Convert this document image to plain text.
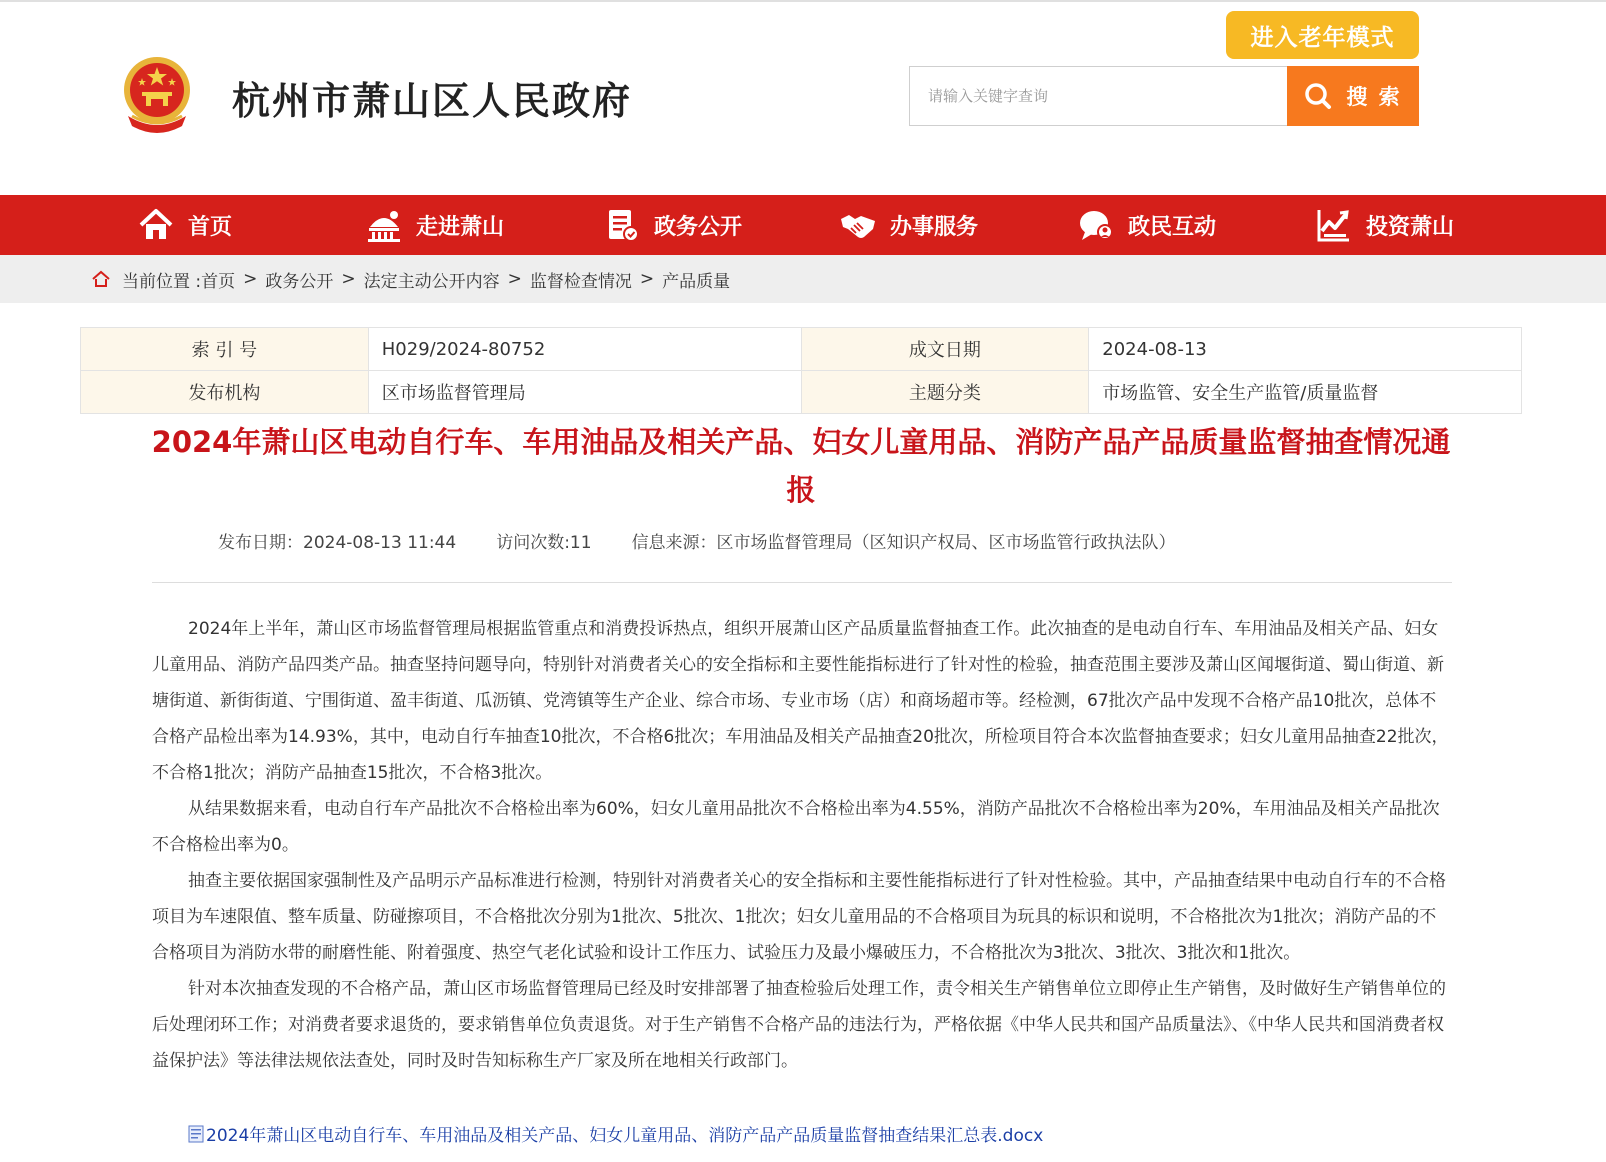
杭州市萧山区人民政府
进入老年模式
请输入关键字查询
搜 索
首页	走进萧山	政务公开	办事服务	政民互动	投资萧山
当前位置 : 首页 > 政务公开 > 法定主动公开内容 > 监督检查情况 > 产品质量
索 引 号	H029/2024-80752	成文日期	2024-08-13
发布机构	区市场监督管理局	主题分类	市场监管、安全生产监管/质量监督
2024年萧山区电动自行车、车用油品及相关产品、妇女儿童用品、消防产品产品质量监督抽查情况通报
发布日期：2024-08-13 11:44 访问次数:11 信息来源：区市场监督管理局（区知识产权局、区市场监管行政执法队）

2024年上半年，萧山区市场监督管理局根据监管重点和消费投诉热点，组织开展萧山区产品质量监督抽查工作。此次抽查的是电动自行车、车用油品及相关产品、妇女儿童用品、消防产品四类产品。抽查坚持问题导向，特别针对消费者关心的安全指标和主要性能指标进行了针对性的检验，抽查范围主要涉及萧山区闻堰街道、蜀山街道、新塘街道、新街街道、宁围街道、盈丰街道、瓜沥镇、党湾镇等生产企业、综合市场、专业市场（店）和商场超市等。经检测，67批次产品中发现不合格产品10批次，总体不合格产品检出率为14.93%，其中，电动自行车抽查10批次，不合格6批次；车用油品及相关产品抽查20批次，所检项目符合本次监督抽查要求；妇女儿童用品抽查22批次，不合格1批次；消防产品抽查15批次，不合格3批次。

从结果数据来看，电动自行车产品批次不合格检出率为60%，妇女儿童用品批次不合格检出率为4.55%，消防产品批次不合格检出率为20%，车用油品及相关产品批次不合格检出率为0。

抽查主要依据国家强制性及产品明示产品标准进行检测，特别针对消费者关心的安全指标和主要性能指标进行了针对性检验。其中，产品抽查结果中电动自行车的不合格项目为车速限值、整车质量、防碰擦项目，不合格批次分别为1批次、5批次、1批次；妇女儿童用品的不合格项目为玩具的标识和说明，不合格批次为1批次；消防产品的不合格项目为消防水带的耐磨性能、附着强度、热空气老化试验和设计工作压力、试验压力及最小爆破压力，不合格批次为3批次、3批次、3批次和1批次。

针对本次抽查发现的不合格产品，萧山区市场监督管理局已经及时安排部署了抽查检验后处理工作，责令相关生产销售单位立即停止生产销售，及时做好生产销售单位的后处理闭环工作；对消费者要求退货的，要求销售单位负责退货。对于生产销售不合格产品的违法行为，严格依据《中华人民共和国产品质量法》、《中华人民共和国消费者权益保护法》等法律法规依法查处，同时及时告知标称生产厂家及所在地相关行政部门。

2024年萧山区电动自行车、车用油品及相关产品、妇女儿童用品、消防产品产品质量监督抽查结果汇总表.docx
